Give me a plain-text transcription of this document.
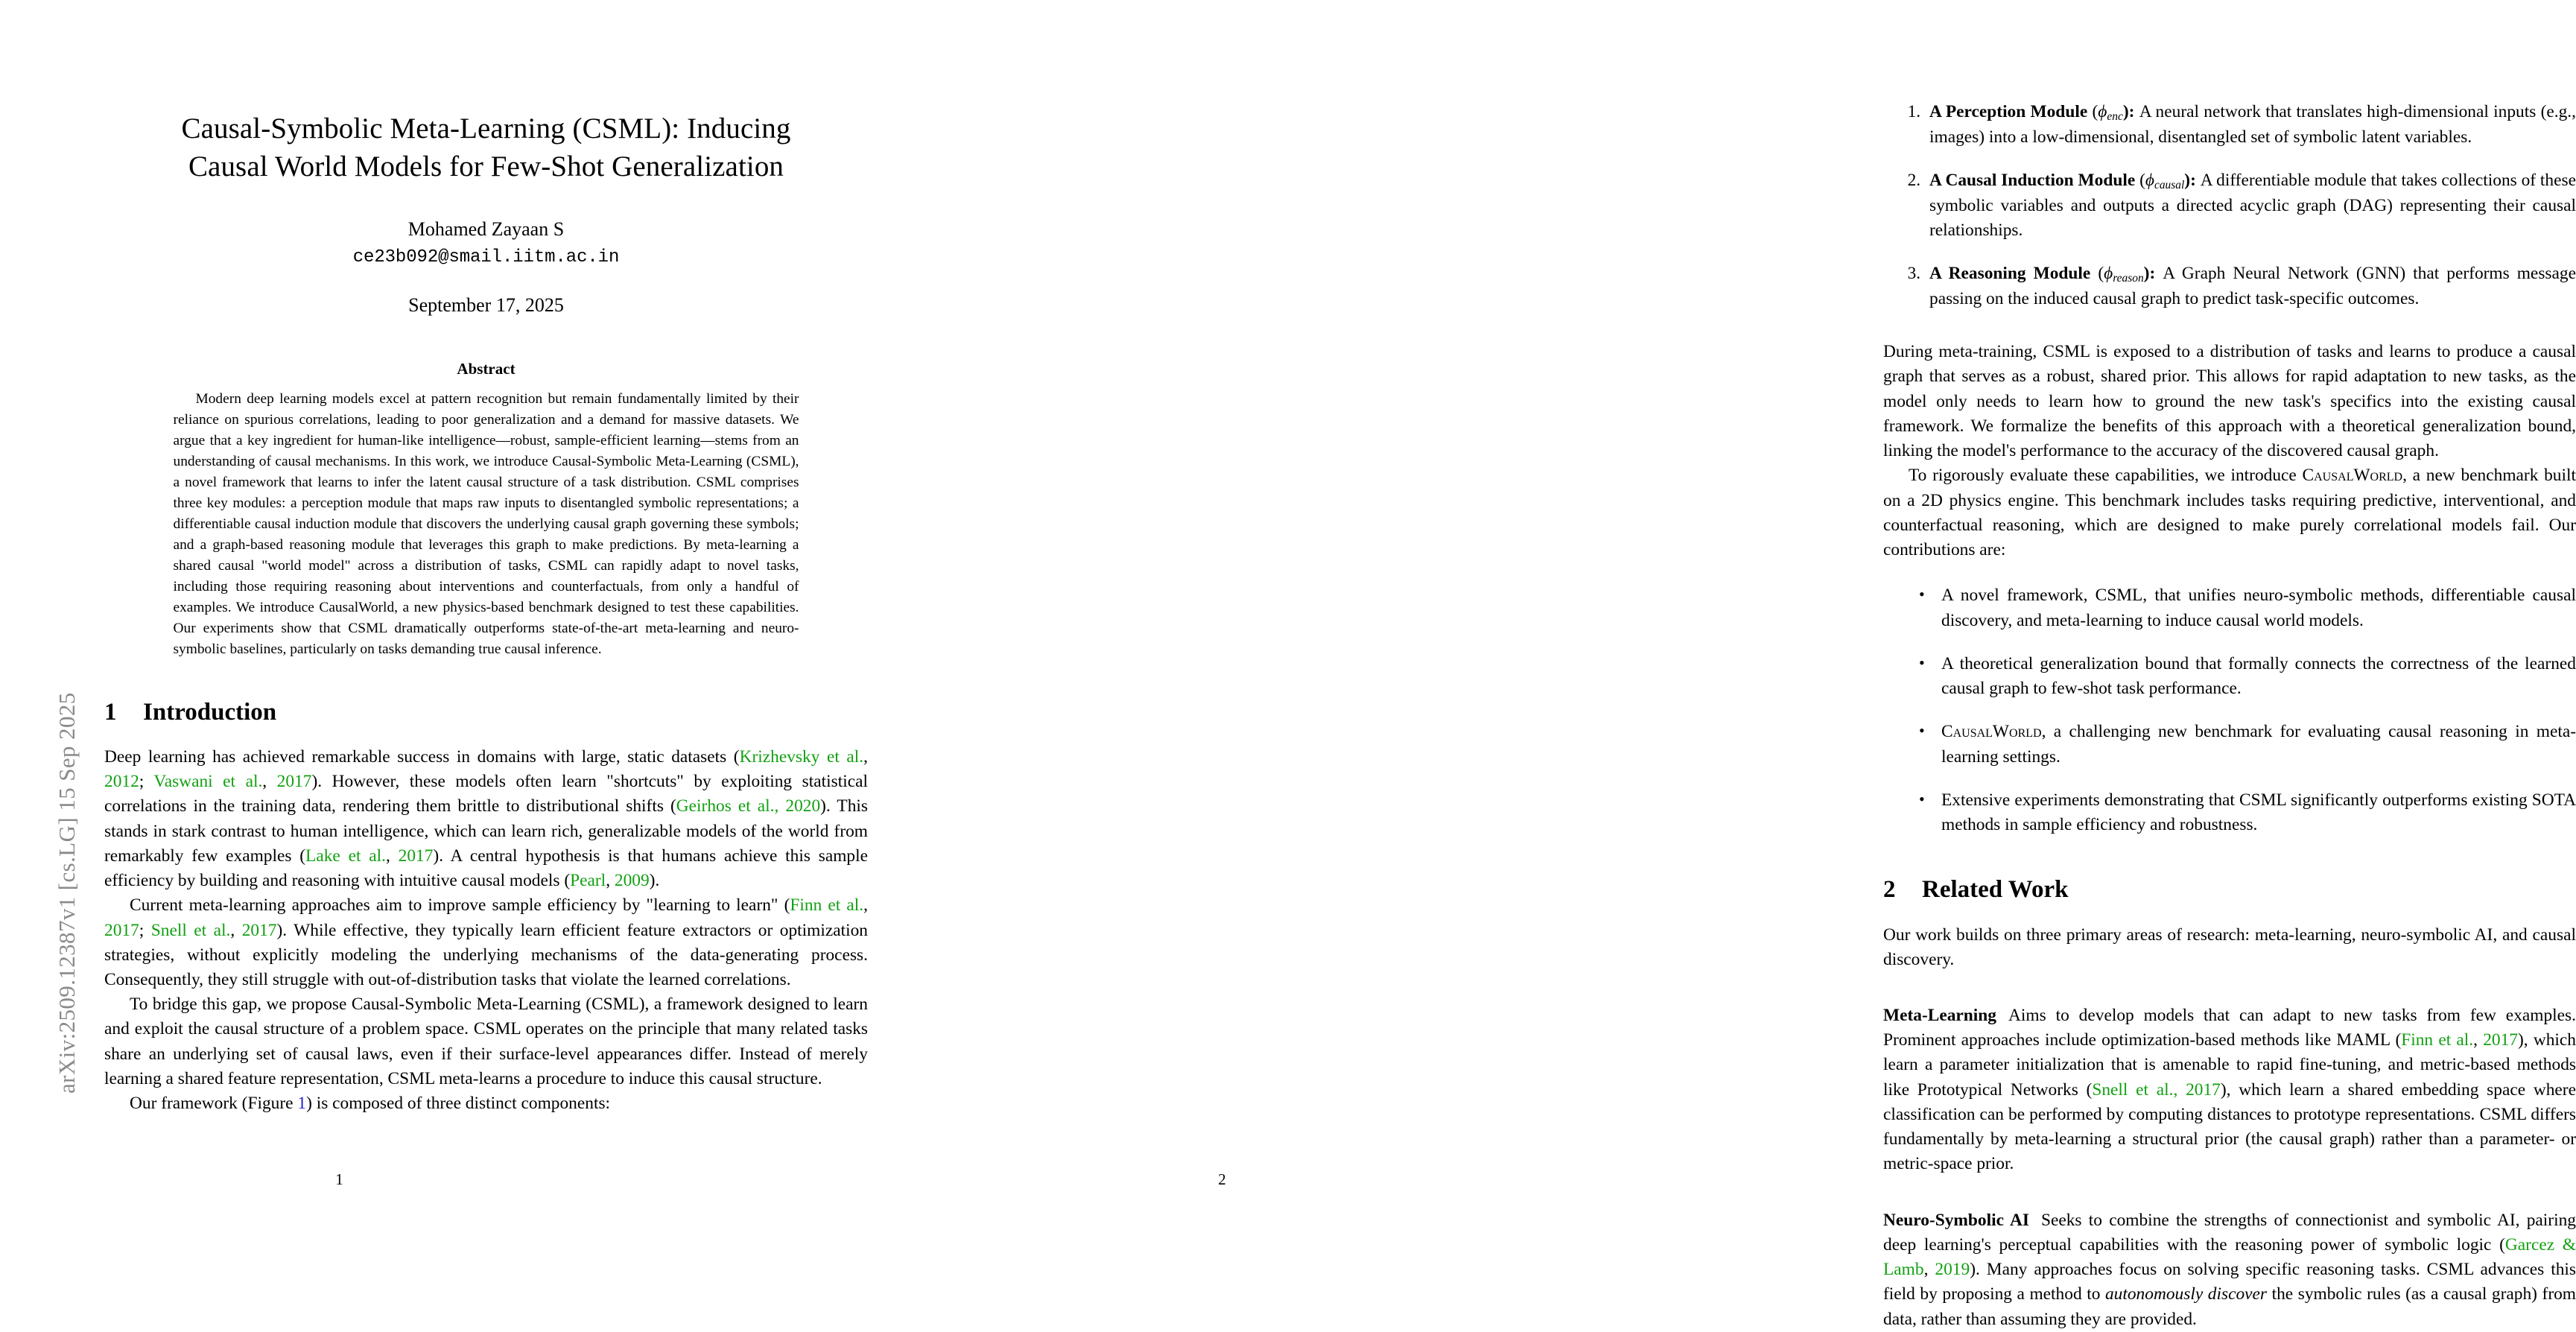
arXiv:2509.12387v1 [cs.LG] 15 Sep 2025
Causal-Symbolic Meta-Learning (CSML): Inducing Causal World Models for Few-Shot Generalization
Mohamed Zayaan S
ce23b092@smail.iitm.ac.in
September 17, 2025
Abstract
Modern deep learning models excel at pattern recognition but remain fundamentally limited by their reliance on spurious correlations, leading to poor generalization and a demand for massive datasets. We argue that a key ingredient for human-like intelligence—robust, sample-efficient learning—stems from an understanding of causal mechanisms. In this work, we introduce Causal-Symbolic Meta-Learning (CSML), a novel framework that learns to infer the latent causal structure of a task distribution. CSML comprises three key modules: a perception module that maps raw inputs to disentangled symbolic representations; a differentiable causal induction module that discovers the underlying causal graph governing these symbols; and a graph-based reasoning module that leverages this graph to make predictions. By meta-learning a shared causal "world model" across a distribution of tasks, CSML can rapidly adapt to novel tasks, including those requiring reasoning about interventions and counterfactuals, from only a handful of examples. We introduce CausalWorld, a new physics-based benchmark designed to test these capabilities. Our experiments show that CSML dramatically outperforms state-of-the-art meta-learning and neuro-symbolic baselines, particularly on tasks demanding true causal inference.
1 Introduction

Deep learning has achieved remarkable success in domains with large, static datasets (Krizhevsky et al., 2012; Vaswani et al., 2017). However, these models often learn "shortcuts" by exploiting statistical correlations in the training data, rendering them brittle to distributional shifts (Geirhos et al., 2020). This stands in stark contrast to human intelligence, which can learn rich, generalizable models of the world from remarkably few examples (Lake et al., 2017). A central hypothesis is that humans achieve this sample efficiency by building and reasoning with intuitive causal models (Pearl, 2009).

Current meta-learning approaches aim to improve sample efficiency by "learning to learn" (Finn et al., 2017; Snell et al., 2017). While effective, they typically learn efficient feature extractors or optimization strategies, without explicitly modeling the underlying mechanisms of the data-generating process. Consequently, they still struggle with out-of-distribution tasks that violate the learned correlations.

To bridge this gap, we propose Causal-Symbolic Meta-Learning (CSML), a framework designed to learn and exploit the causal structure of a problem space. CSML operates on the principle that many related tasks share an underlying set of causal laws, even if their surface-level appearances differ. Instead of merely learning a shared feature representation, CSML meta-learns a procedure to induce this causal structure.

Our framework (Figure 1) is composed of three distinct components:

1
1. A Perception Module $(\phi_{enc})$: A neural network that translates high-dimensional inputs (e.g., images) into a low-dimensional, disentangled set of symbolic latent variables.
2. A Causal Induction Module $(\phi_{causal})$: A differentiable module that takes collections of these symbolic variables and outputs a directed acyclic graph (DAG) representing their causal relationships.
3. A Reasoning Module $(\phi_{reason})$: A Graph Neural Network (GNN) that performs message passing on the induced causal graph to predict task-specific outcomes.

During meta-training, CSML is exposed to a distribution of tasks and learns to produce a causal graph that serves as a robust, shared prior. This allows for rapid adaptation to new tasks, as the model only needs to learn how to ground the new task's specifics into the existing causal framework. We formalize the benefits of this approach with a theoretical generalization bound, linking the model's performance to the accuracy of the discovered causal graph.

To rigorously evaluate these capabilities, we introduce CausalWorld, a new benchmark built on a 2D physics engine. This benchmark includes tasks requiring predictive, interventional, and counterfactual reasoning, which are designed to make purely correlational models fail. Our contributions are:

• A novel framework, CSML, that unifies neuro-symbolic methods, differentiable causal discovery, and meta-learning to induce causal world models.
• A theoretical generalization bound that formally connects the correctness of the learned causal graph to few-shot task performance.
• CausalWorld, a challenging new benchmark for evaluating causal reasoning in meta-learning settings.
• Extensive experiments demonstrating that CSML significantly outperforms existing SOTA methods in sample efficiency and robustness.
2 Related Work

Our work builds on three primary areas of research: meta-learning, neuro-symbolic AI, and causal discovery.

Meta-Learning Aims to develop models that can adapt to new tasks from few examples. Prominent approaches include optimization-based methods like MAML (Finn et al., 2017), which learn a parameter initialization that is amenable to rapid fine-tuning, and metric-based methods like Prototypical Networks (Snell et al., 2017), which learn a shared embedding space where classification can be performed by computing distances to prototype representations. CSML differs fundamentally by meta-learning a structural prior (the causal graph) rather than a parameter- or metric-space prior.

Neuro-Symbolic AI Seeks to combine the strengths of connectionist and symbolic AI, pairing deep learning's perceptual capabilities with the reasoning power of symbolic logic (Garcez & Lamb, 2019). Many approaches focus on solving specific reasoning tasks. CSML advances this field by proposing a method to autonomously discover the symbolic rules (as a causal graph) from data, rather than assuming they are provided.

2
